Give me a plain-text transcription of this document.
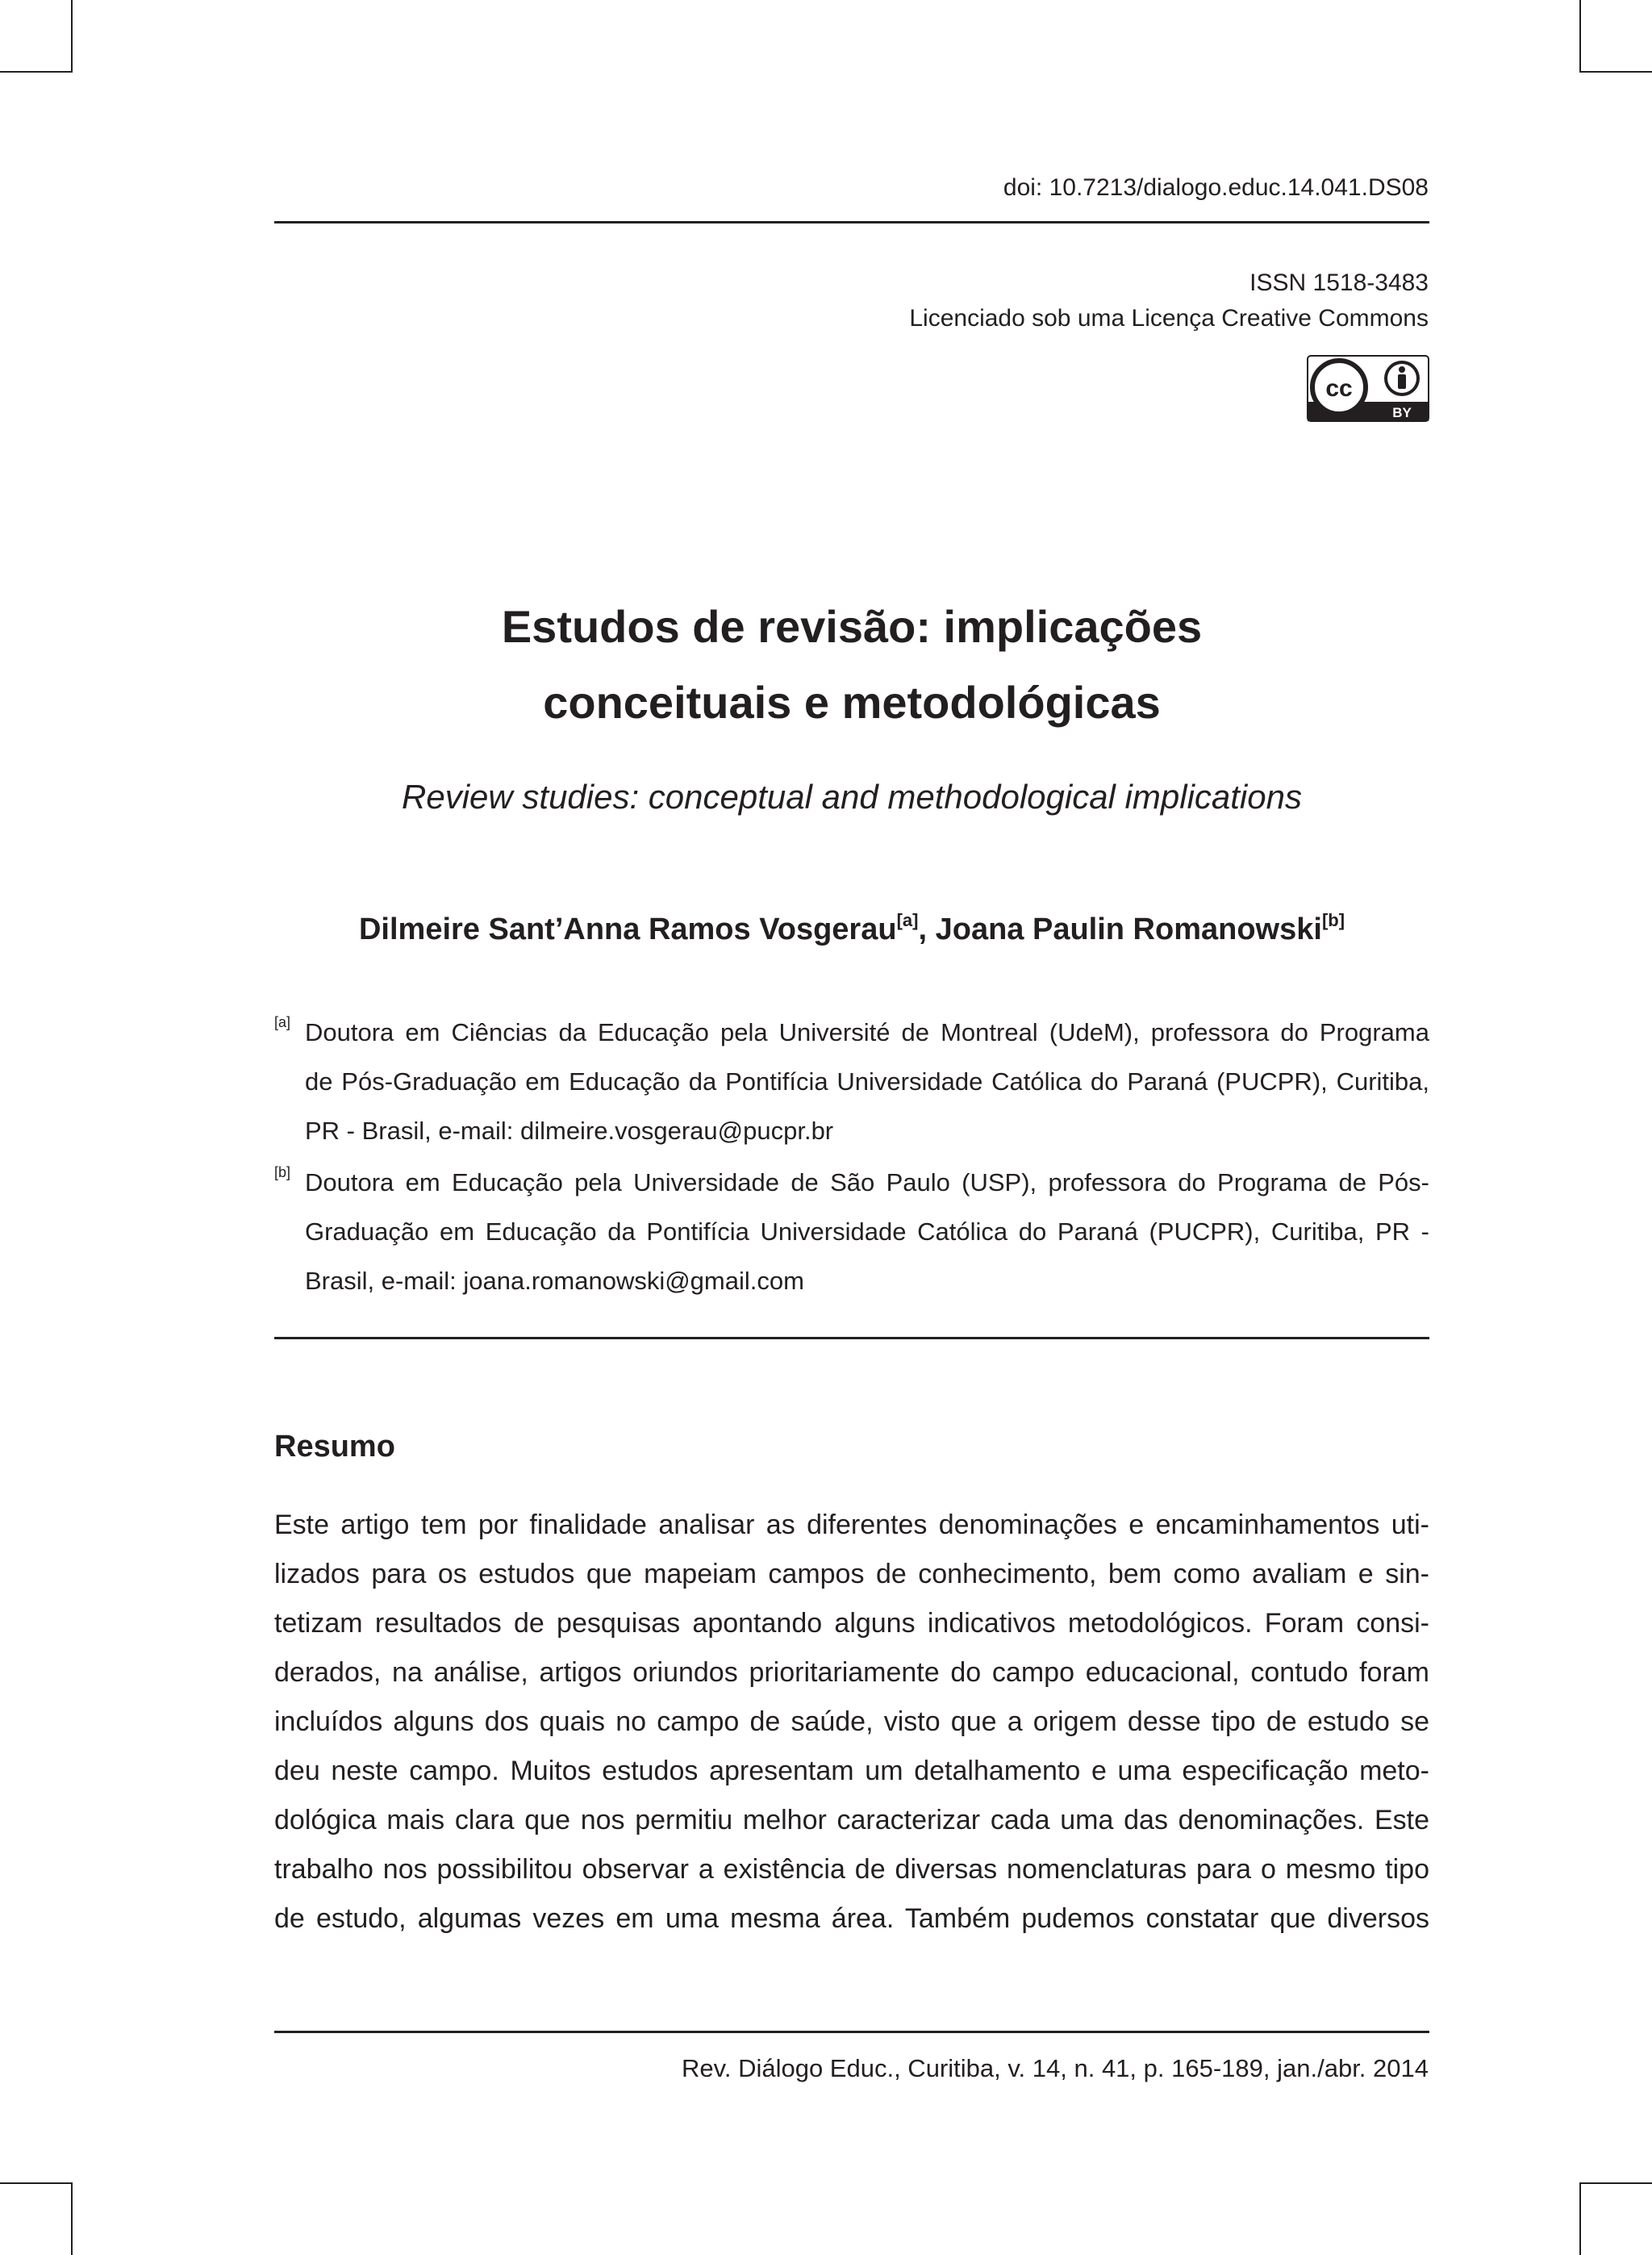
doi: 10.7213/dialogo.educ.14.041.DS08
ISSN 1518-3483
Licenciado sob uma Licença Creative Commons
cc
BY
Estudos de revisão: implicações
conceituais e metodológicas
Review studies: conceptual and methodological implications
Dilmeire Sant’Anna Ramos Vosgerau[a], Joana Paulin Romanowski[b]
[a] Doutora em Ciências da Educação pela Université de Montreal (UdeM), professora do Programa
de Pós-Graduação em Educação da Pontifícia Universidade Católica do Paraná (PUCPR), Curitiba,
PR - Brasil, e-mail: dilmeire.vosgerau@pucpr.br
[b] Doutora em Educação pela Universidade de São Paulo (USP), professora do Programa de Pós-
Graduação em Educação da Pontifícia Universidade Católica do Paraná (PUCPR), Curitiba, PR -
Brasil, e-mail: joana.romanowski@gmail.com
Resumo
Este artigo tem por finalidade analisar as diferentes denominações e encaminhamentos uti-
lizados para os estudos que mapeiam campos de conhecimento, bem como avaliam e sin-
tetizam resultados de pesquisas apontando alguns indicativos metodológicos. Foram consi-
derados, na análise, artigos oriundos prioritariamente do campo educacional, contudo foram
incluídos alguns dos quais no campo de saúde, visto que a origem desse tipo de estudo se
deu neste campo. Muitos estudos apresentam um detalhamento e uma especificação meto-
dológica mais clara que nos permitiu melhor caracterizar cada uma das denominações. Este
trabalho nos possibilitou observar a existência de diversas nomenclaturas para o mesmo tipo
de estudo, algumas vezes em uma mesma área. Também pudemos constatar que diversos
Rev. Diálogo Educ., Curitiba, v. 14, n. 41, p. 165-189, jan./abr. 2014
